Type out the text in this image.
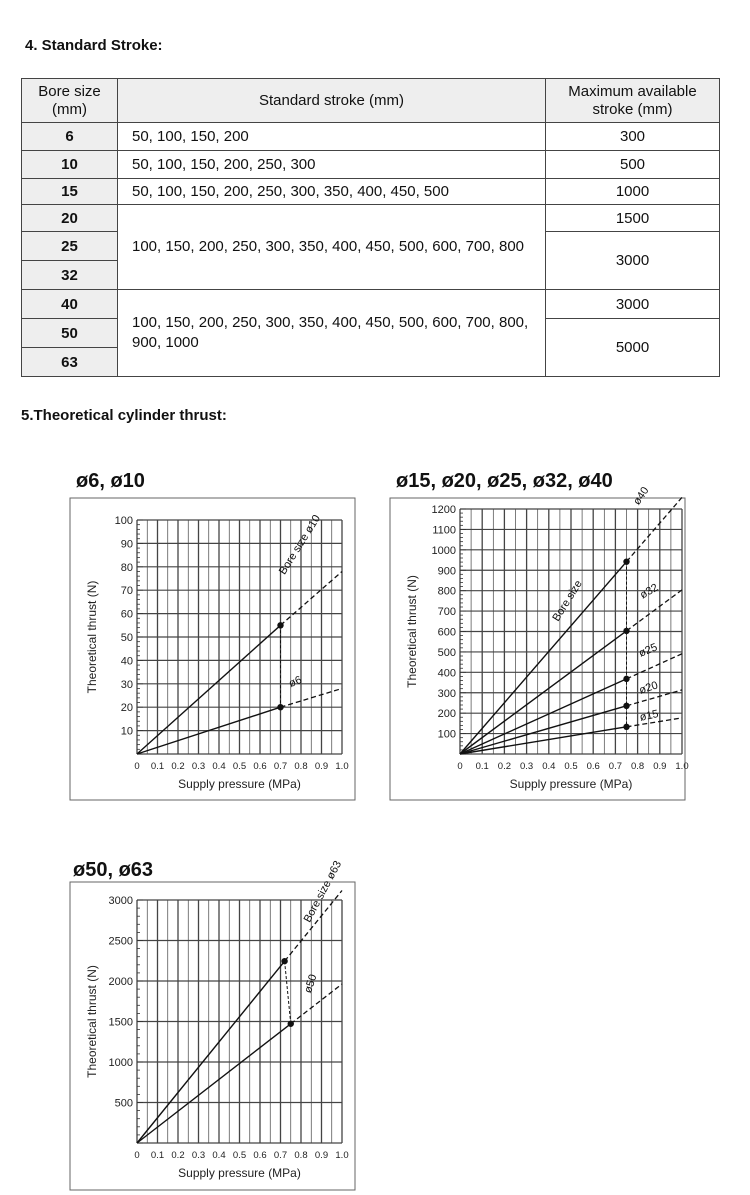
4. Standard Stroke:
Bore size
(mm)	Standard stroke (mm)	Maximum available
stroke (mm)
6	50, 100, 150, 200	300
10	50, 100, 150, 200, 250, 300	500
15	50, 100, 150, 200, 250, 300, 350, 400, 450, 500	1000
20	100, 150, 200, 250, 300, 350, 400, 450, 500, 600, 700, 800	1500
25		3000
32		
40	100, 150, 200, 250, 300, 350, 400, 450, 500, 600, 700, 800, 900, 1000	3000
50		5000
63		
5.Theoretical cylinder thrust:
ø6, ø10
0 0.1 0.2 0.3 0.4 0.5 0.6 0.7 0.8 0.9 1.0
10
20
30
40
50
60
70
80
90
100
Supply pressure (MPa)
Theoretical thrust (N)	ø6
Bore size ø10
ø15, ø20, ø25, ø32, ø40
0 0.1 0.2 0.3 0.4 0.5 0.6 0.7 0.8 0.9 1.0
100
200
300
400
500
600
700
800
900
1000
1100
1200
Supply pressure (MPa)
Theoretical thrust (N)
ø15
ø20
ø25
ø32
ø40
Bore size
ø50, ø63
0 0.1 0.2 0.3 0.4 0.5 0.6 0.7 0.8 0.9 1.0
500
1000
1500
2000
2500
3000
Supply pressure (MPa)
Theoretical thrust (N)	ø50
Bore size ø63
